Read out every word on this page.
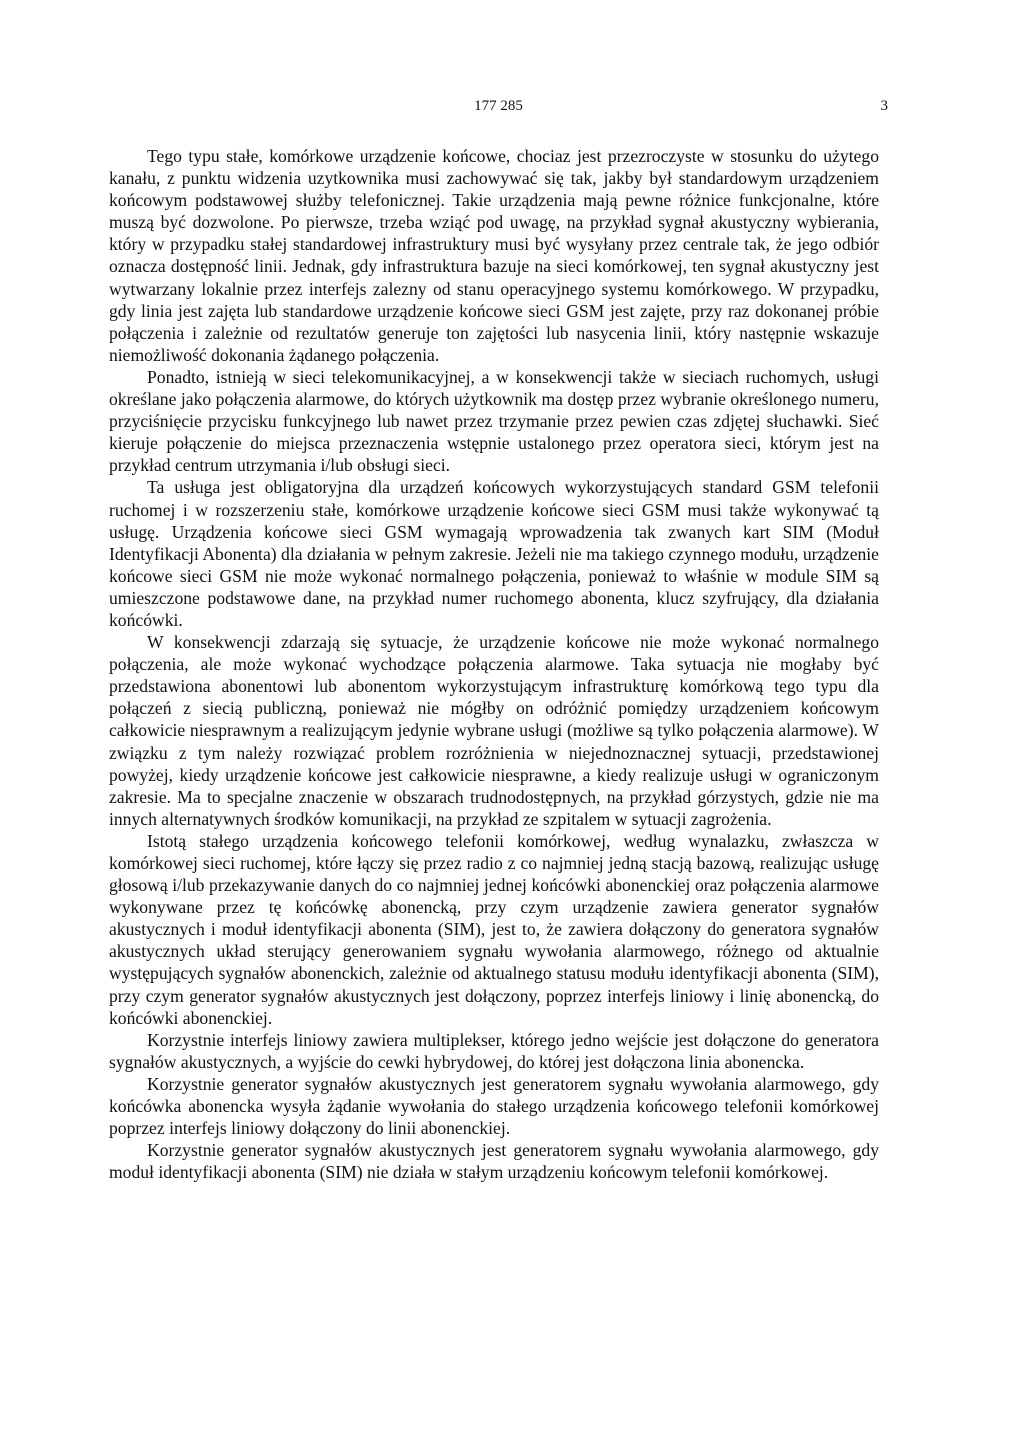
177 285	3

Tego typu stałe, komórkowe urządzenie końcowe, chociaz jest przezroczyste w stosunku do użytego kanału, z punktu widzenia uzytkownika musi zachowywać się tak, jakby był standardowym urządzeniem końcowym podstawowej służby telefonicznej. Takie urządzenia mają pewne różnice funkcjonalne, które muszą być dozwolone. Po pierwsze, trzeba wziąć pod uwagę, na przykład sygnał akustyczny wybierania, który w przypadku stałej standardowej infrastruktury musi być wysyłany przez centrale tak, że jego odbiór oznacza dostępność linii. Jednak, gdy infrastruktura bazuje na sieci komórkowej, ten sygnał akustyczny jest wytwarzany lokalnie przez interfejs zalezny od stanu operacyjnego systemu komórkowego. W przypadku, gdy linia jest zajęta lub standardowe urządzenie końcowe sieci GSM jest zajęte, przy raz dokonanej próbie połączenia i zależnie od rezultatów generuje ton zajętości lub nasycenia linii, który następnie wskazuje niemożliwość dokonania żądanego połączenia.

Ponadto, istnieją w sieci telekomunikacyjnej, a w konsekwencji także w sieciach ruchomych, usługi określane jako połączenia alarmowe, do których użytkownik ma dostęp przez wybranie określonego numeru, przyciśnięcie przycisku funkcyjnego lub nawet przez trzymanie przez pewien czas zdjętej słuchawki. Sieć kieruje połączenie do miejsca przeznaczenia wstępnie ustalonego przez operatora sieci, którym jest na przykład centrum utrzymania i/lub obsługi sieci.

Ta usługa jest obligatoryjna dla urządzeń końcowych wykorzystujących standard GSM telefonii ruchomej i w rozszerzeniu stałe, komórkowe urządzenie końcowe sieci GSM musi także wykonywać tą usługę. Urządzenia końcowe sieci GSM wymagają wprowadzenia tak zwanych kart SIM (Moduł Identyfikacji Abonenta) dla działania w pełnym zakresie. Jeżeli nie ma takiego czynnego modułu, urządzenie końcowe sieci GSM nie może wykonać normalnego połączenia, ponieważ to właśnie w module SIM są umieszczone podstawowe dane, na przykład numer ruchomego abonenta, klucz szyfrujący, dla działania końcówki.

W konsekwencji zdarzają się sytuacje, że urządzenie końcowe nie może wykonać normalnego połączenia, ale może wykonać wychodzące połączenia alarmowe. Taka sytuacja nie mogłaby być przedstawiona abonentowi lub abonentom wykorzystującym infrastrukturę komórkową tego typu dla połączeń z siecią publiczną, ponieważ nie mógłby on odróżnić pomiędzy urządzeniem końcowym całkowicie niesprawnym a realizującym jedynie wybrane usługi (możliwe są tylko połączenia alarmowe). W związku z tym należy rozwiązać problem rozróżnienia w niejednoznacznej sytuacji, przedstawionej powyżej, kiedy urządzenie końcowe jest całkowicie niesprawne, a kiedy realizuje usługi w ograniczonym zakresie. Ma to specjalne znaczenie w obszarach trudnodostępnych, na przykład górzystych, gdzie nie ma innych alternatywnych środków komunikacji, na przykład ze szpitalem w sytuacji zagrożenia.

Istotą stałego urządzenia końcowego telefonii komórkowej, według wynalazku, zwłaszcza w komórkowej sieci ruchomej, które łączy się przez radio z co najmniej jedną stacją bazową, realizując usługę głosową i/lub przekazywanie danych do co najmniej jednej końcówki abonenckiej oraz połączenia alarmowe wykonywane przez tę końcówkę abonencką, przy czym urządzenie zawiera generator sygnałów akustycznych i moduł identyfikacji abonenta (SIM), jest to, że zawiera dołączony do generatora sygnałów akustycznych układ sterujący generowaniem sygnału wywołania alarmowego, różnego od aktualnie występujących sygnałów abonenckich, zależnie od aktualnego statusu modułu identyfikacji abonenta (SIM), przy czym generator sygnałów akustycznych jest dołączony, poprzez interfejs liniowy i linię abonencką, do końcówki abonenckiej.

Korzystnie interfejs liniowy zawiera multiplekser, którego jedno wejście jest dołączone do generatora sygnałów akustycznych, a wyjście do cewki hybrydowej, do której jest dołączona linia abonencka.

Korzystnie generator sygnałów akustycznych jest generatorem sygnału wywołania alarmowego, gdy końcówka abonencka wysyła żądanie wywołania do stałego urządzenia końcowego telefonii komórkowej poprzez interfejs liniowy dołączony do linii abonenckiej.

Korzystnie generator sygnałów akustycznych jest generatorem sygnału wywołania alarmowego, gdy moduł identyfikacji abonenta (SIM) nie działa w stałym urządzeniu końcowym telefonii komórkowej.
